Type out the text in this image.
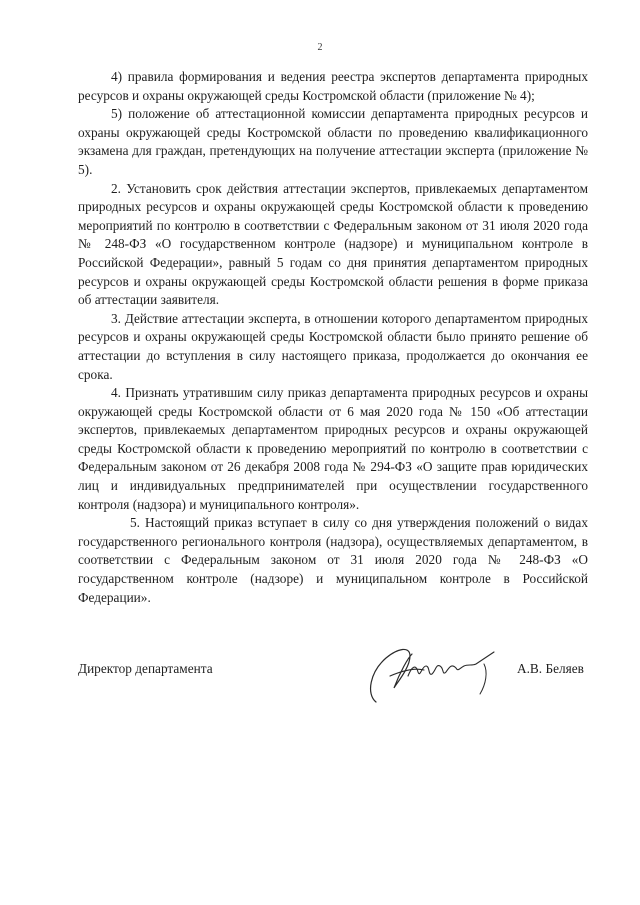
2

4) правила формирования и ведения реестра экспертов департамента природных ресурсов и охраны окружающей среды Костромской области (приложение № 4);

5) положение об аттестационной комиссии департамента природных ресурсов и охраны окружающей среды Костромской области по проведению квалификационного экзамена для граждан, претендующих на получение аттестации эксперта (приложение № 5).

2. Установить срок действия аттестации экспертов, привлекаемых департаментом природных ресурсов и охраны окружающей среды Костромской области к проведению мероприятий по контролю в соответствии с Федеральным законом от 31 июля 2020 года № 248-ФЗ «О государственном контроле (надзоре) и муниципальном контроле в Российской Федерации», равный 5 годам со дня принятия департаментом природных ресурсов и охраны окружающей среды Костромской области решения в форме приказа об аттестации заявителя.

3. Действие аттестации эксперта, в отношении которого департаментом природных ресурсов и охраны окружающей среды Костромской области было принято решение об аттестации до вступления в силу настоящего приказа, продолжается до окончания ее срока.

4. Признать утратившим силу приказ департамента природных ресурсов и охраны окружающей среды Костромской области от 6 мая 2020 года № 150 «Об аттестации экспертов, привлекаемых департаментом природных ресурсов и охраны окружающей среды Костромской области к проведению мероприятий по контролю в соответствии с Федеральным законом от 26 декабря 2008 года № 294-ФЗ «О защите прав юридических лиц и индивидуальных предпринимателей при осуществлении государственного контроля (надзора) и муниципального контроля».

5. Настоящий приказ вступает в силу со дня утверждения положений о видах государственного регионального контроля (надзора), осуществляемых департаментом, в соответствии с Федеральным законом от 31 июля 2020 года № 248-ФЗ «О государственном контроле (надзоре) и муниципальном контроле в Российской Федерации».

Директор департамента	А.В. Беляев
